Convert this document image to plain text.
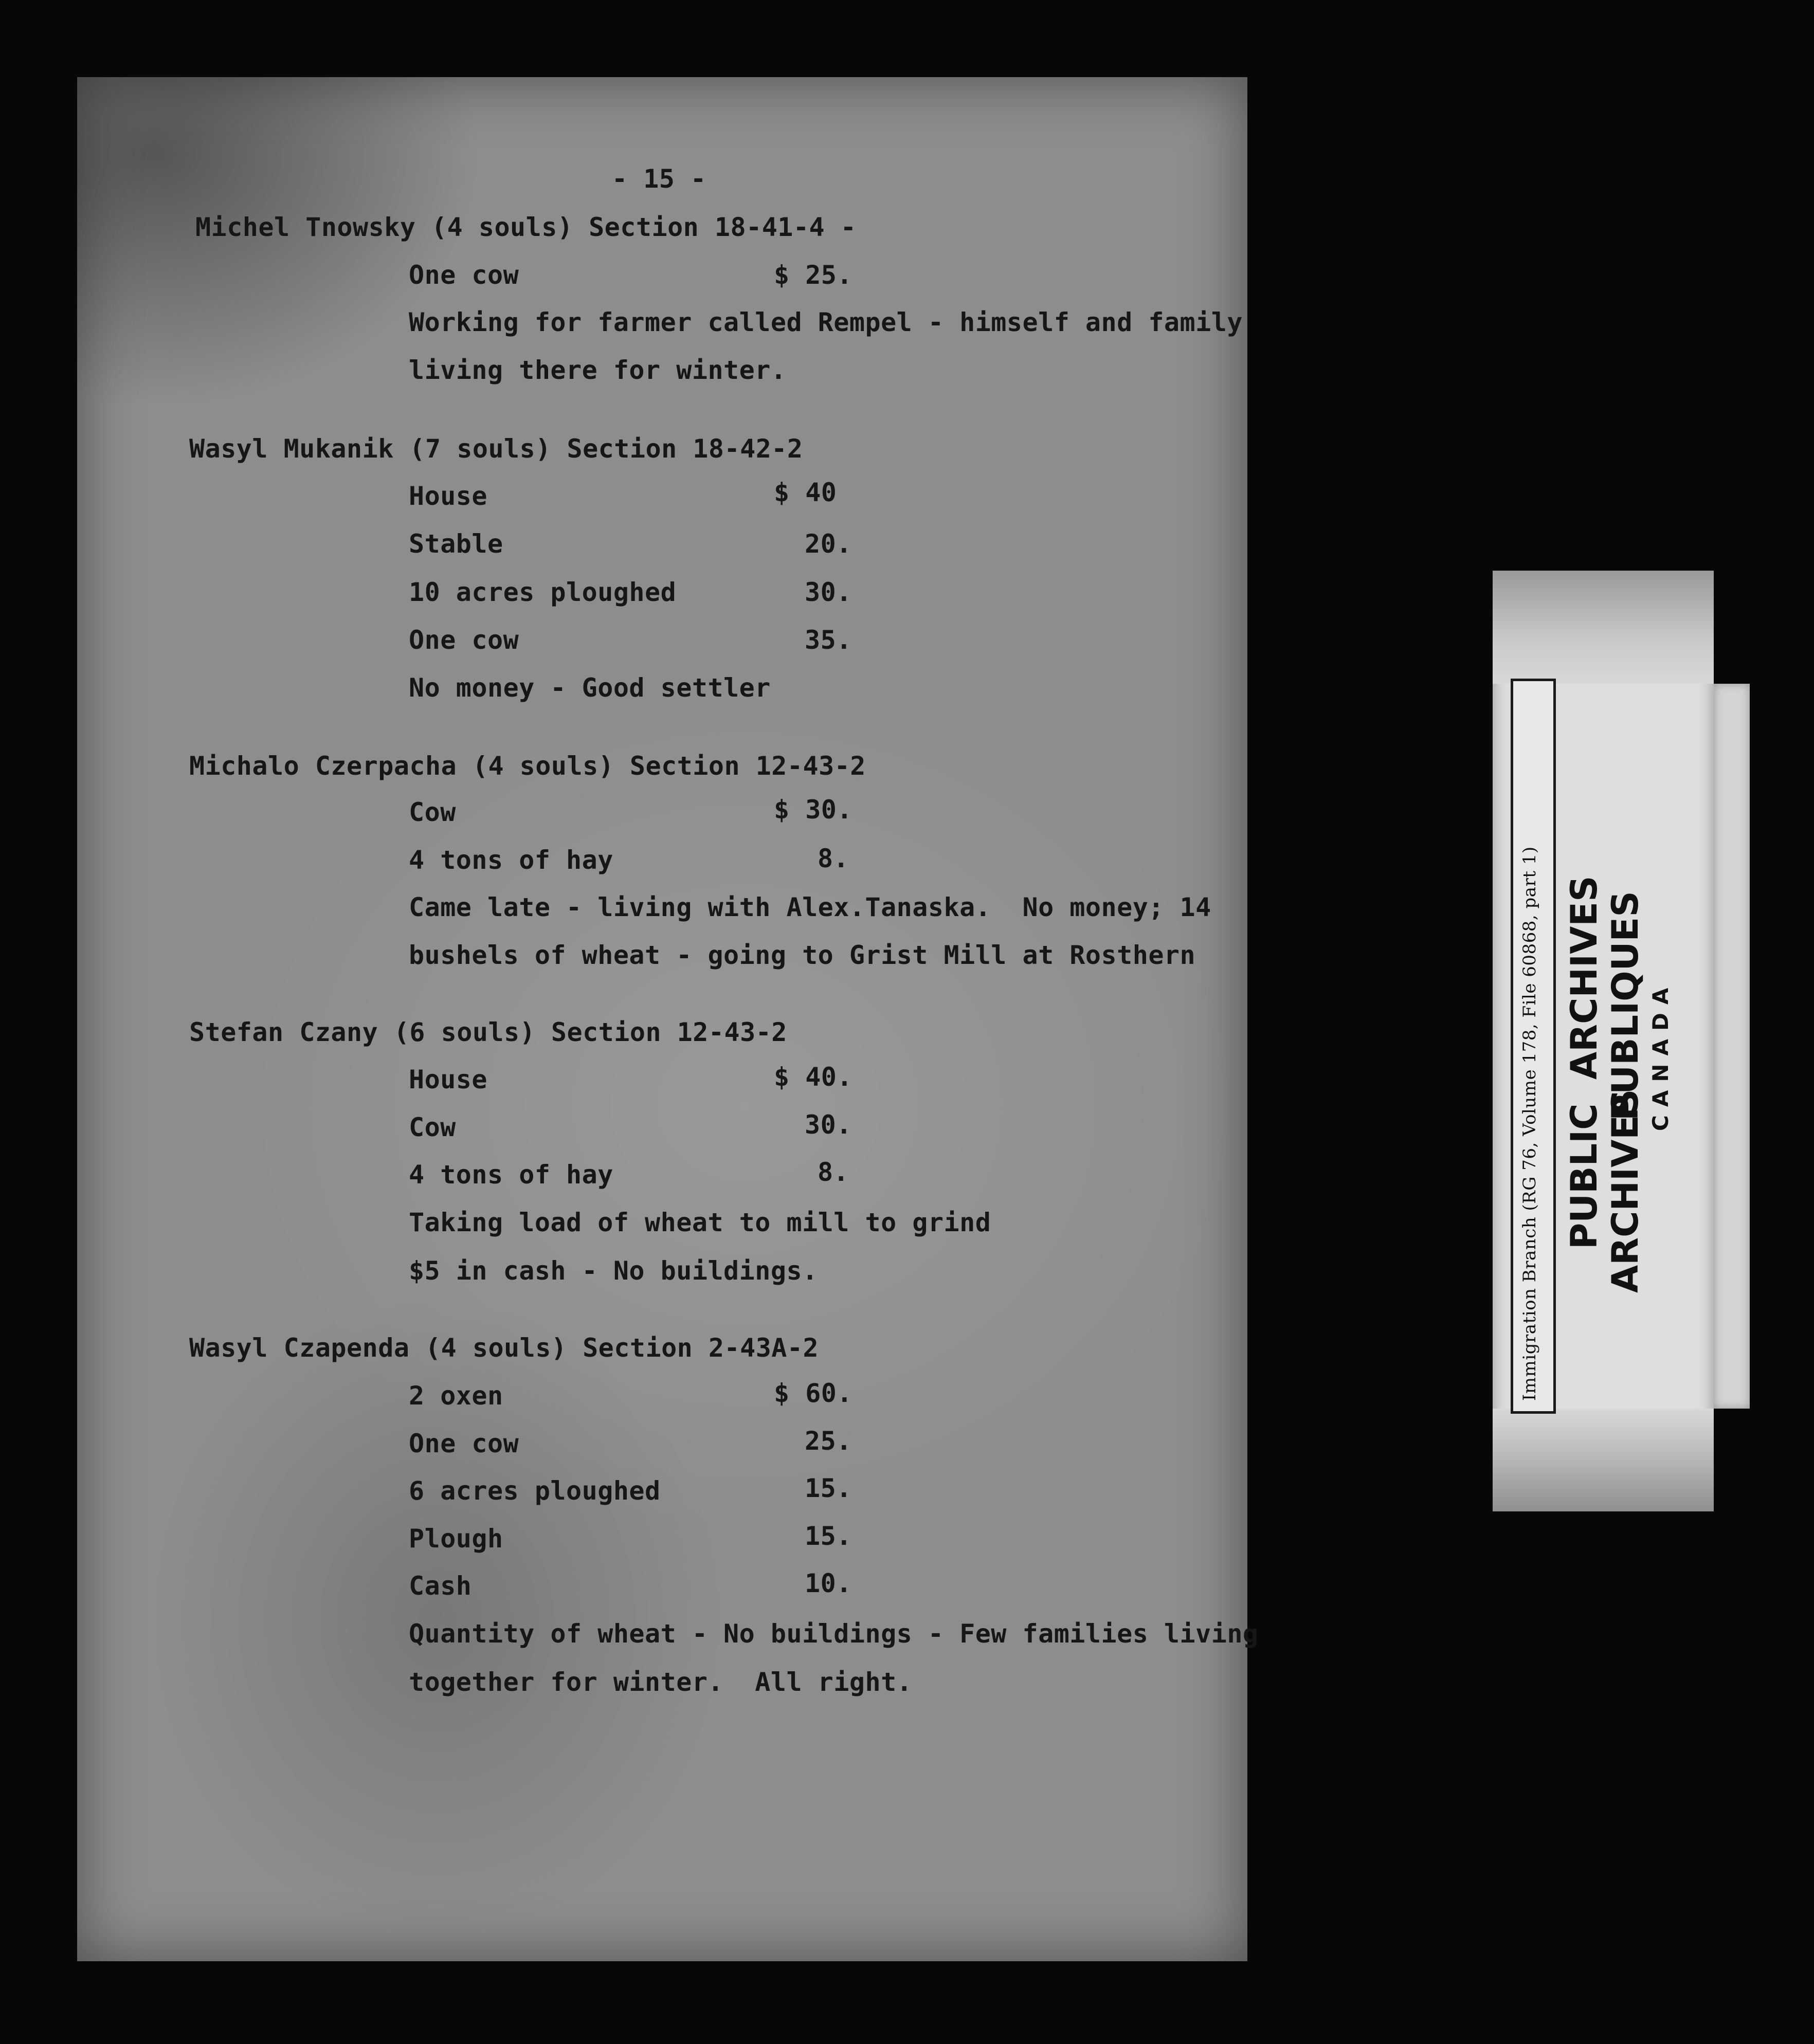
- 15 -

Michel Tnowsky (4 souls) Section 18-41-4 -

One cow	$ 25.

Working for farmer called Rempel - himself and family

living there for winter.

Wasyl Mukanik (7 souls) Section 18-42-2

House	$ 40

Stable	20.

10 acres ploughed	30.

One cow	35.

No money - Good settler

Michalo Czerpacha (4 souls) Section 12-43-2

Cow	$ 30.

4 tons of hay	8.

Came late - living with Alex.Tanaska.  No money; 14

bushels of wheat - going to Grist Mill at Rosthern

Stefan Czany (6 souls) Section 12-43-2

House	$ 40.

Cow	30.

4 tons of hay	8.

Taking load of wheat to mill to grind

$5 in cash - No buildings.

Wasyl Czapenda (4 souls) Section 2-43A-2

2 oxen	$ 60.

One cow	25.

6 acres ploughed	15.

Plough	15.

Cash	10.

Quantity of wheat - No buildings - Few families living

together for winter.  All right.

Immigration Branch (RG 76, Volume 178, File 60868, part 1) PUBLIC
ARCHIVES
ARCHIVES
PUBLIQUES CANADA
